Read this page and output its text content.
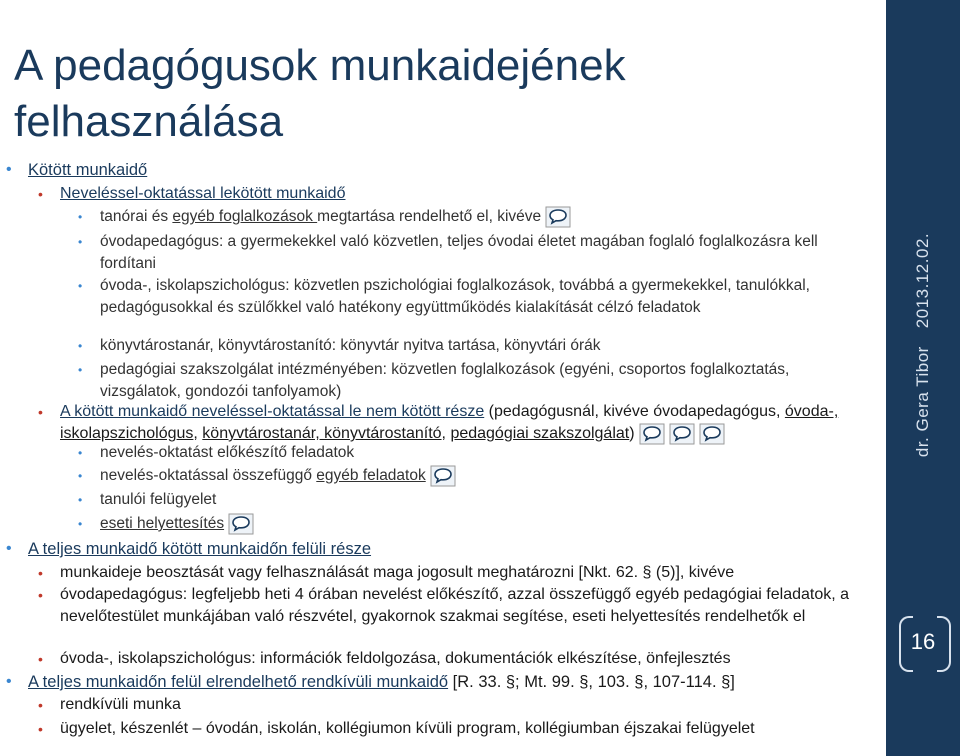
dr. Gera Tibor2013.12.02.
16
A pedagógusok munkaidejének felhasználása

• Kötött munkaidő

• Neveléssel-oktatással lekötött munkaidő

• tanórai és egyéb foglalkozások megtartása rendelhető el, kivéve

• óvodapedagógus: a gyermekekkel való közvetlen, teljes óvodai életet magában foglaló foglalkozásra kell fordítani

• óvoda-, iskolapszichológus: közvetlen pszichológiai foglalkozások, továbbá a gyermekekkel, tanulókkal, pedagógusokkal és szülőkkel való hatékony együttműködés kialakítását célzó feladatok

• könyvtárostanár, könyvtárostanító: könyvtár nyitva tartása, könyvtári órák

• pedagógiai szakszolgálat intézményében: közvetlen foglalkozások (egyéni, csoportos foglalkoztatás, vizsgálatok, gondozói tanfolyamok)

• A kötött munkaidő neveléssel-oktatással le nem kötött része (pedagógusnál, kivéve óvodapedagógus, óvoda-, iskolapszichológus, könyvtárostanár, könyvtárostanító, pedagógiai szakszolgálat)

• nevelés-oktatást előkészítő feladatok

• nevelés-oktatással összefüggő egyéb feladatok

• tanulói felügyelet

• eseti helyettesítés

• A teljes munkaidő kötött munkaidőn felüli része

• munkaideje beosztását vagy felhasználását maga jogosult meghatározni [Nkt. 62. § (5)], kivéve

• óvodapedagógus: legfeljebb heti 4 órában nevelést előkészítő, azzal összefüggő egyéb pedagógiai feladatok, a nevelőtestület munkájában való részvétel, gyakornok szakmai segítése, eseti helyettesítés rendelhetők el

• óvoda-, iskolapszichológus: információk feldolgozása, dokumentációk elkészítése, önfejlesztés

• A teljes munkaidőn felül elrendelhető rendkívüli munkaidő [R. 33. §; Mt. 99. §, 103. §, 107-114. §]

• rendkívüli munka

• ügyelet, készenlét – óvodán, iskolán, kollégiumon kívüli program, kollégiumban éjszakai felügyelet
